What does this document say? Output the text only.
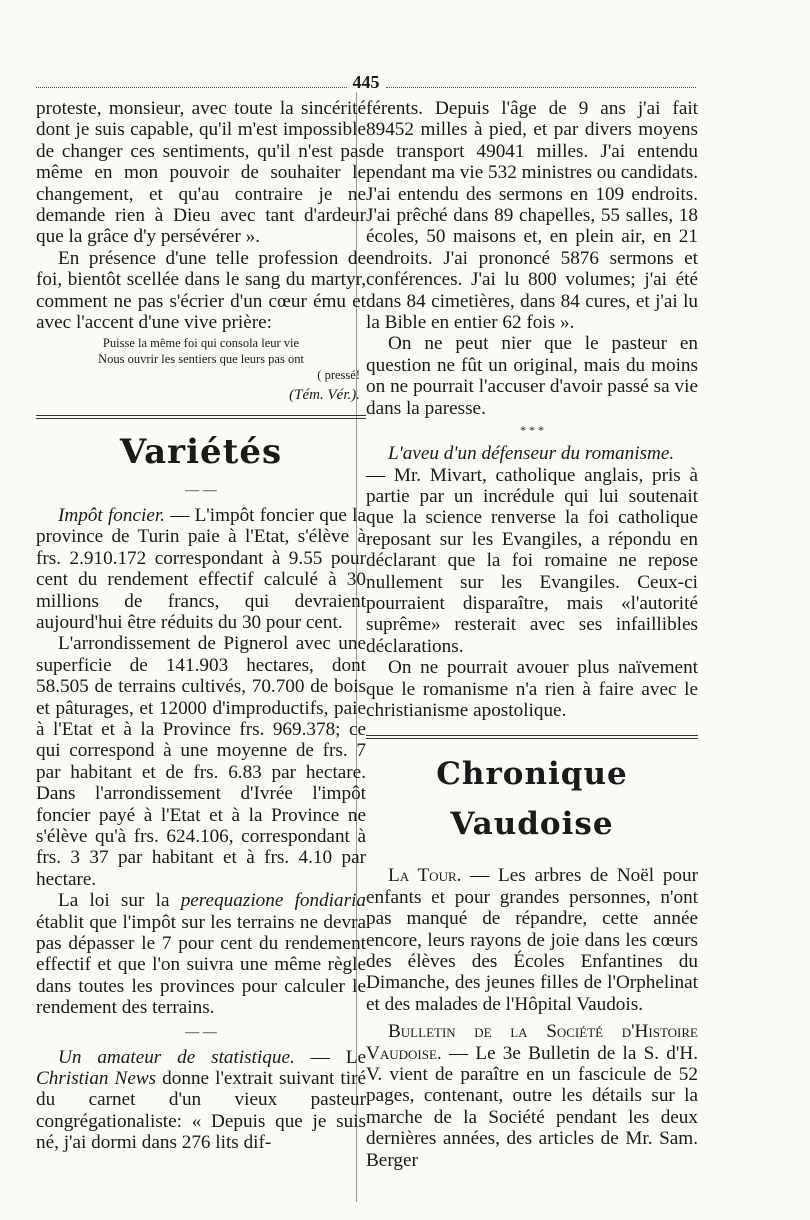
445

proteste, monsieur, avec toute la sincérité dont je suis capable, qu'il m'est impossible de changer ces sentiments, qu'il n'est pas même en mon pouvoir de souhaiter le changement, et qu'au contraire je ne demande rien à Dieu avec tant d'ardeur que la grâce d'y persévérer ».

En présence d'une telle profession de foi, bientôt scellée dans le sang du martyr, comment ne pas s'écrier d'un cœur ému et avec l'accent d'une vive prière:

Puisse la même foi qui consola leur vie
Nous ouvrir les sentiers que leurs pas ont
( pressé!
(Tém. Vér.).
Variétés
— —

Impôt foncier. — L'impôt foncier que la province de Turin paie à l'Etat, s'élève à frs. 2.910.172 correspondant à 9.55 pour cent du rendement effectif calculé à 30 millions de francs, qui devraient aujourd'hui être réduits du 30 pour cent.

L'arrondissement de Pignerol avec une superficie de 141.903 hectares, dont 58.505 de terrains cultivés, 70.700 de bois et pâturages, et 12000 d'improductifs, paie à l'Etat et à la Province frs. 969.378; ce qui correspond à une moyenne de frs. 7 par habitant et de frs. 6.83 par hectare. Dans l'arrondissement d'Ivrée l'impôt foncier payé à l'Etat et à la Province ne s'élève qu'à frs. 624.106, correspondant à frs. 3 37 par habitant et à frs. 4.10 par hectare.

La loi sur la perequazione fondiaria établit que l'impôt sur les terrains ne devra pas dépasser le 7 pour cent du rendement effectif et que l'on suivra une même règle dans toutes les provinces pour calculer le rendement des terrains.

— —

Un amateur de statistique. — Le Christian News donne l'extrait suivant tiré du carnet d'un vieux pasteur congrégationaliste: « Depuis que je suis né, j'ai dormi dans 276 lits dif-

férents. Depuis l'âge de 9 ans j'ai fait 89452 milles à pied, et par divers moyens de transport 49041 milles. J'ai entendu pendant ma vie 532 ministres ou candidats. J'ai entendu des sermons en 109 endroits. J'ai prêché dans 89 chapelles, 55 salles, 18 écoles, 50 maisons et, en plein air, en 21 endroits. J'ai prononcé 5876 sermons et conférences. J'ai lu 800 volumes; j'ai été dans 84 cimetières, dans 84 cures, et j'ai lu la Bible en entier 62 fois ».

On ne peut nier que le pasteur en question ne fût un original, mais du moins on ne pourrait l'accuser d'avoir passé sa vie dans la paresse.

* * *

L'aveu d'un défenseur du romanisme.
— Mr. Mivart, catholique anglais, pris à partie par un incrédule qui lui soutenait que la science renverse la foi catholique reposant sur les Evangiles, a répondu en déclarant que la foi romaine ne repose nullement sur les Evangiles. Ceux-ci pourraient disparaître, mais «l'autorité suprême» resterait avec ses infaillibles déclarations.

On ne pourrait avouer plus naïvement que le romanisme n'a rien à faire avec le christianisme apostolique.

Chronique Vaudoise

La Tour. — Les arbres de Noël pour enfants et pour grandes personnes, n'ont pas manqué de répandre, cette année encore, leurs rayons de joie dans les cœurs des élèves des Écoles Enfantines du Dimanche, des jeunes filles de l'Orphelinat et des malades de l'Hôpital Vaudois.

Bulletin de la Société d'Histoire Vaudoise. — Le 3e Bulletin de la S. d'H. V. vient de paraître en un fascicule de 52 pages, contenant, outre les détails sur la marche de la Société pendant les deux dernières années, des articles de Mr. Sam. Berger
